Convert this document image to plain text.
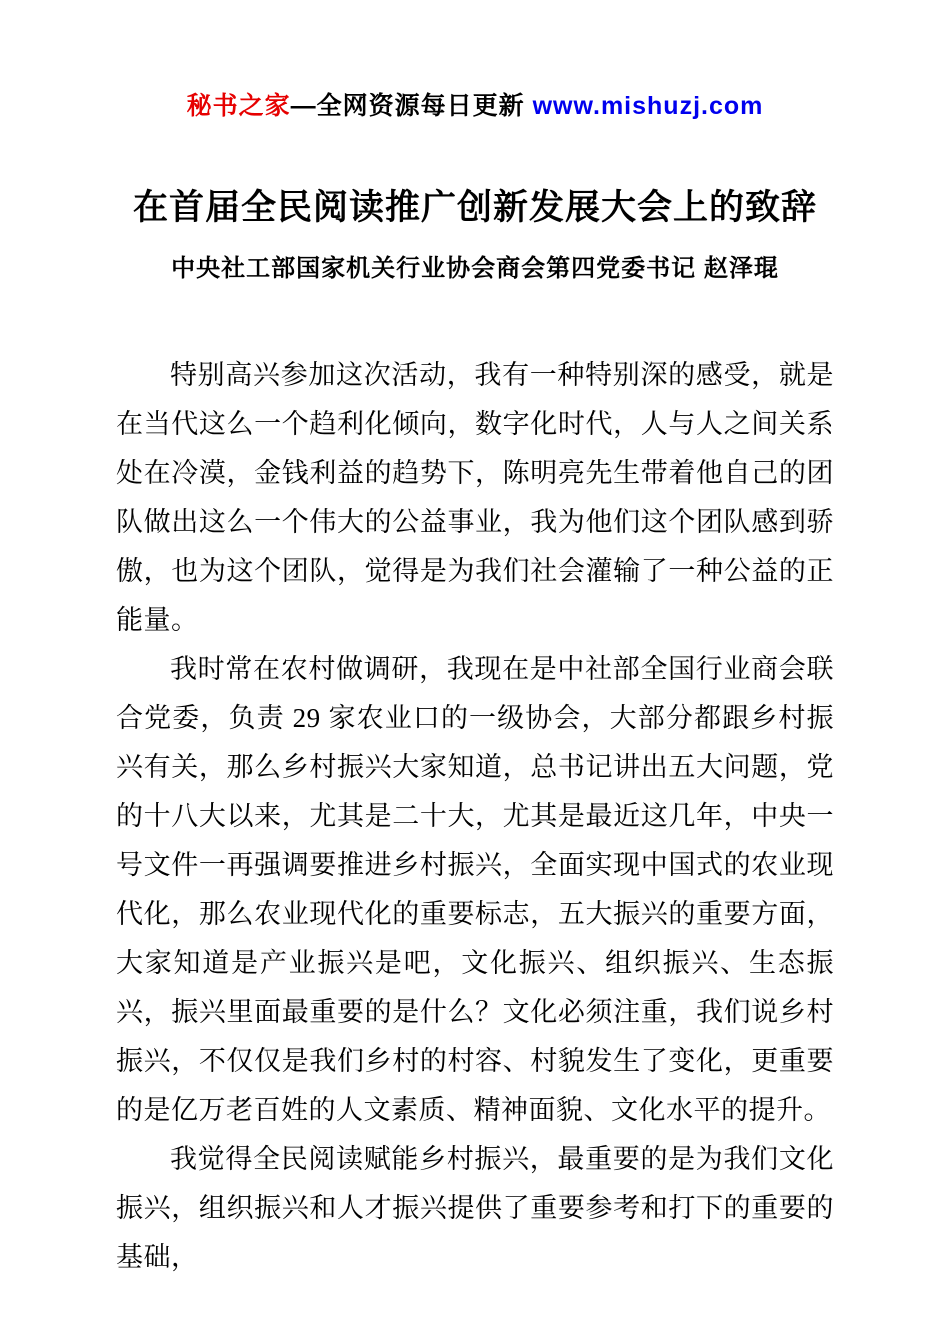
秘书之家—全网资源每日更新 www.mishuzj.com
在首届全民阅读推广创新发展大会上的致辞
中央社工部国家机关行业协会商会第四党委书记 赵泽琨

特别高兴参加这次活动，我有一种特别深的感受，就是在当代这么一个趋利化倾向，数字化时代，人与人之间关系处在冷漠，金钱利益的趋势下，陈明亮先生带着他自己的团队做出这么一个伟大的公益事业，我为他们这个团队感到骄傲，也为这个团队，觉得是为我们社会灌输了一种公益的正能量。

我时常在农村做调研，我现在是中社部全国行业商会联合党委，负责 29 家农业口的一级协会，大部分都跟乡村振兴有关，那么乡村振兴大家知道，总书记讲出五大问题，党的十八大以来，尤其是二十大，尤其是最近这几年，中央一号文件一再强调要推进乡村振兴，全面实现中国式的农业现代化，那么农业现代化的重要标志，五大振兴的重要方面，大家知道是产业振兴是吧，文化振兴、组织振兴、生态振兴，振兴里面最重要的是什么？文化必须注重，我们说乡村振兴，不仅仅是我们乡村的村容、村貌发生了变化，更重要的是亿万老百姓的人文素质、精神面貌、文化水平的提升。

我觉得全民阅读赋能乡村振兴，最重要的是为我们文化振兴，组织振兴和人才振兴提供了重要参考和打下的重要的基础，
